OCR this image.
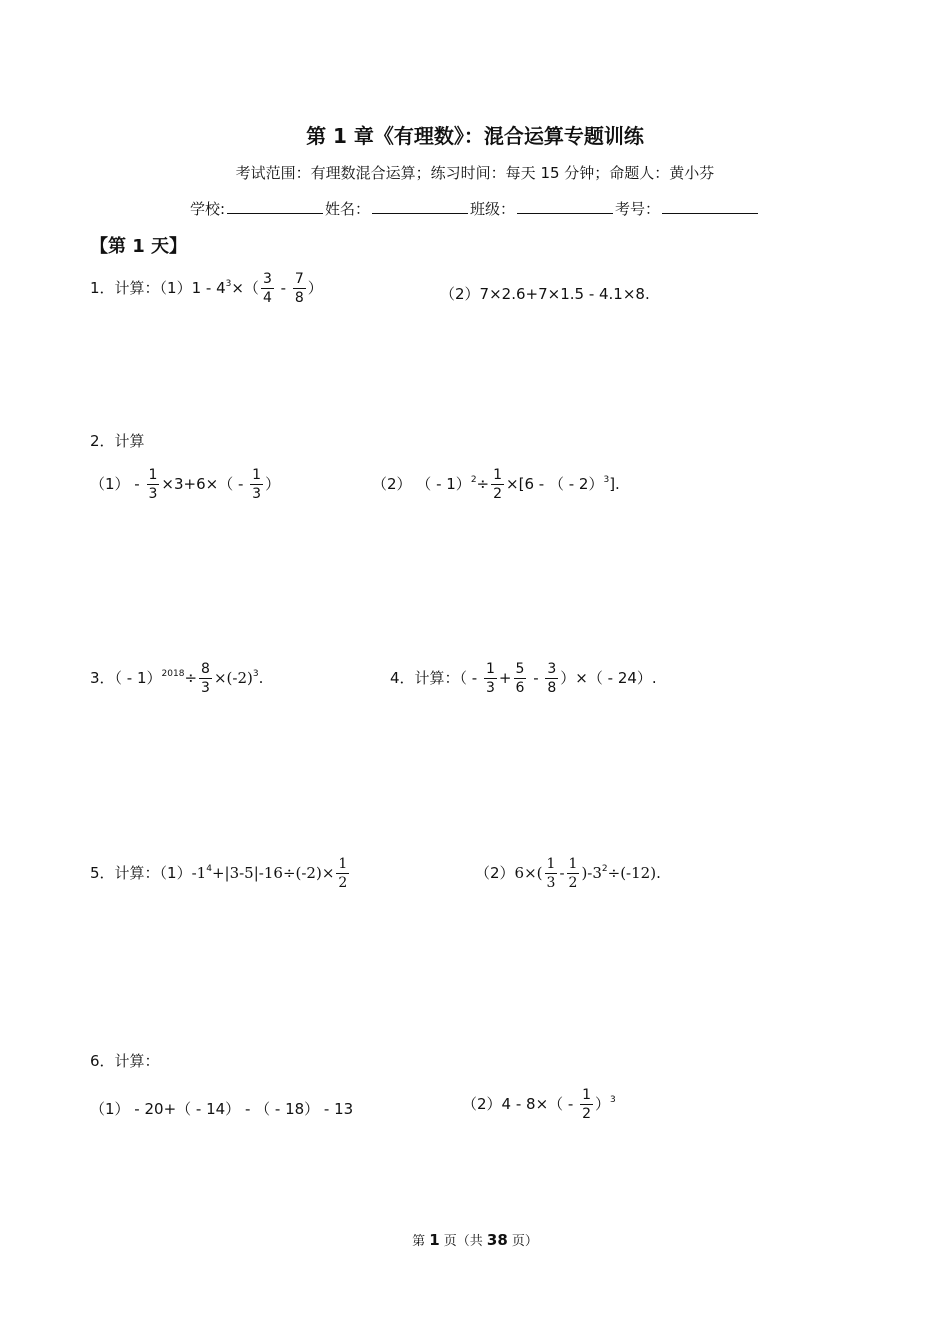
第 1 章《有理数》：混合运算专题训练
考试范围：有理数混合运算；练习时间：每天 15 分钟；命题人：黄小芬
学校:	姓名：	班级：	考号：
【第 1 天】
1．计算：$(1)1 - 4^3\times( \frac{3}{4} - \frac{7}{8}$ ）	（2）7×2.6+7×1.5 - 4.1×8.
2．计算
$(1) - \frac{1}{3} \times 3+6\times( - \frac{1}{3}$ ）	（2） （ - $1)^2\div \frac{1}{2} \times[6$ - （ - 2）$^3$].
3．（ - $1)^{2018}\div \frac{8}{3} \times(-2)^3$.	4．计算：（ - $\frac{1}{3} + \frac{5}{6} - \frac{3}{8}$ ）×（ - 24）.
5．计算：$(1)-1^4+|3-5|-16\div(-2)\times \frac{1}{2}$	$(2)6\times( \frac{1}{3} - \frac{1}{2} )-3^2\div(-12)$.
6．计算：
（1） - 20+（ - 14） - （ - 18） - 13	$(2)4 - 8\times( - \frac{1}{2} )^3$
第 1 页（共 38 页）
